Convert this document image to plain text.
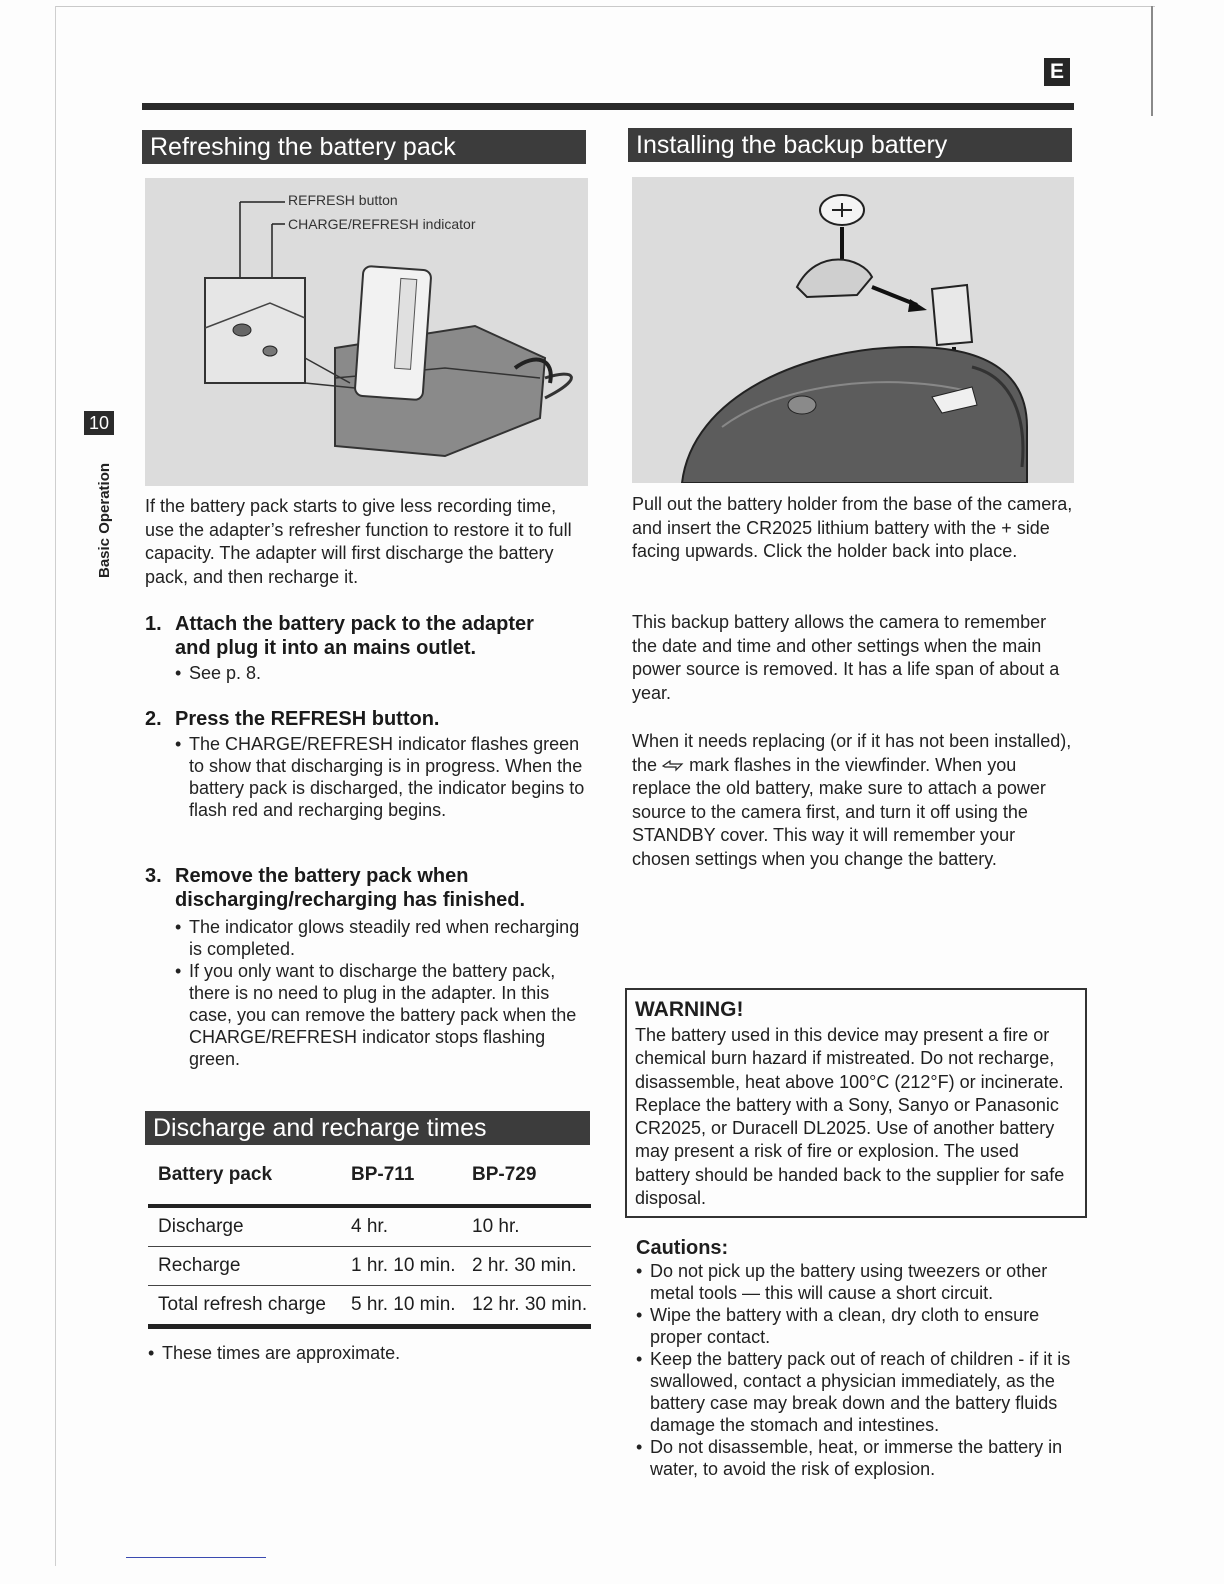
E
10
Basic Operation
Refreshing the battery pack
REFRESH button
CHARGE/REFRESH indicator
If the battery pack starts to give less recording time, use the adapter’s refresher function to restore it to full capacity. The adapter will first discharge the battery pack, and then recharge it.
1. Attach the battery pack to the adapter
and plug it into an mains outlet.
• See p. 8.
2. Press the REFRESH button.
• The CHARGE/REFRESH indicator flashes green to show that discharging is in progress. When the battery pack is discharged, the indicator begins to flash red and recharging begins.
3. Remove the battery pack when
discharging/recharging has finished.
• The indicator glows steadily red when recharging is completed.
• If you only want to discharge the battery pack, there is no need to plug in the adapter. In this case, you can remove the battery pack when the CHARGE/REFRESH indicator stops flashing green.
Discharge and recharge times
Battery pack	BP-711	BP-729
Discharge	4 hr.	10 hr.
Recharge	1 hr. 10 min.	2 hr. 30 min.
Total refresh charge	5 hr. 10 min.	12 hr. 30 min.
• These times are approximate.
Installing the backup battery
Pull out the battery holder from the base of the camera, and insert the CR2025 lithium battery with the + side facing upwards. Click the holder back into place.
This backup battery allows the camera to remember the date and time and other settings when the main power source is removed. It has a life span of about a year.
When it needs replacing (or if it has not been installed), the mark flashes in the viewfinder. When you replace the old battery, make sure to attach a power source to the camera first, and turn it off using the STANDBY cover. This way it will remember your chosen settings when you change the battery.
WARNING!

The battery used in this device may present a fire or chemical burn hazard if mistreated. Do not recharge, disassemble, heat above 100°C (212°F) or incinerate. Replace the battery with a Sony, Sanyo or Panasonic CR2025, or Duracell DL2025. Use of another battery may present a risk of fire or explosion. The used battery should be handed back to the supplier for safe disposal.

Cautions:
• Do not pick up the battery using tweezers or other metal tools — this will cause a short circuit.
• Wipe the battery with a clean, dry cloth to ensure proper contact.
• Keep the battery pack out of reach of children - if it is swallowed, contact a physician immediately, as the battery case may break down and the battery fluids damage the stomach and intestines.
• Do not disassemble, heat, or immerse the battery in water, to avoid the risk of explosion.
